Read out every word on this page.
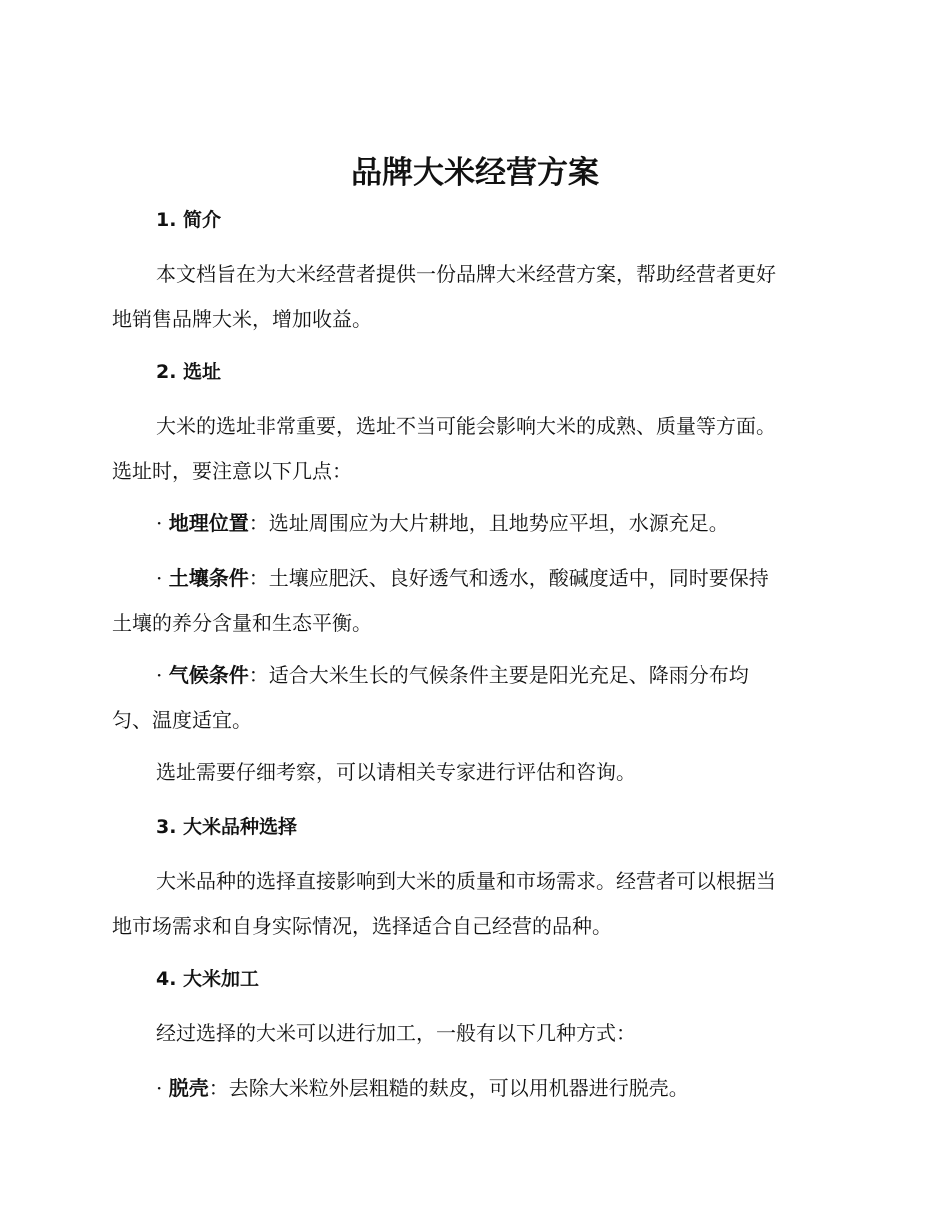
品牌大米经营方案
1. 简介

本文档旨在为大米经营者提供一份品牌大米经营方案，帮助经营者更好
地销售品牌大米，增加收益。

2. 选址

大米的选址非常重要，选址不当可能会影响大米的成熟、质量等方面。
选址时，要注意以下几点：

· 地理位置：选址周围应为大片耕地，且地势应平坦，水源充足。

· 土壤条件：土壤应肥沃、良好透气和透水，酸碱度适中，同时要保持
土壤的养分含量和生态平衡。

· 气候条件：适合大米生长的气候条件主要是阳光充足、降雨分布均
匀、温度适宜。

选址需要仔细考察，可以请相关专家进行评估和咨询。

3. 大米品种选择

大米品种的选择直接影响到大米的质量和市场需求。经营者可以根据当
地市场需求和自身实际情况，选择适合自己经营的品种。

4. 大米加工

经过选择的大米可以进行加工，一般有以下几种方式：

· 脱壳：去除大米粒外层粗糙的麸皮，可以用机器进行脱壳。
